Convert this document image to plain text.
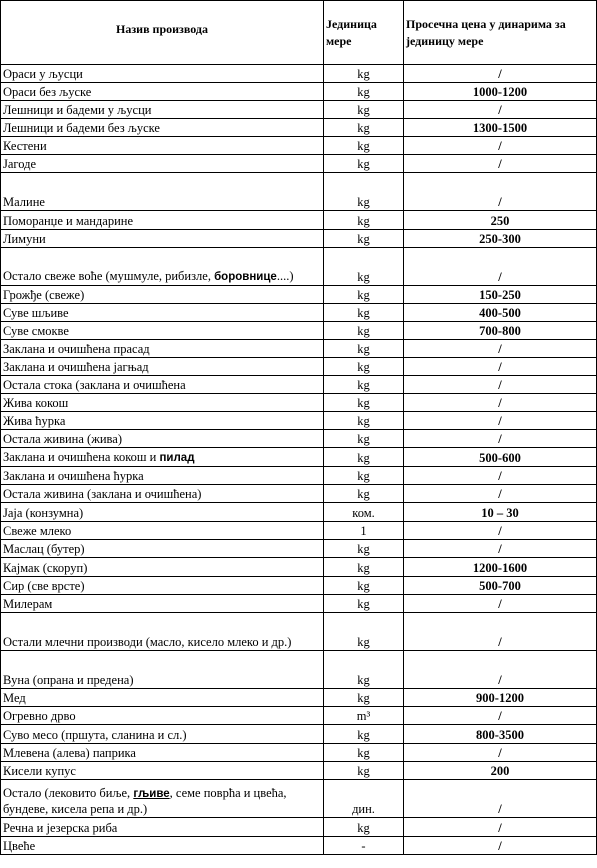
Назив производа	Јединица мере	Просечна цена у динарима за јединицу мере
Ораси у љусци	kg	/
Ораси без љуске	kg	1000-1200
Лешници и бадеми у љусци	kg	/
Лешници и бадеми без љуске	kg	1300-1500
Кестени	kg	/
Јагоде	kg	/
Малине	kg	/
Поморанџе и мандарине	kg	250
Лимуни	kg	250-300
Остало свеже воће (мушмуле, рибизле, боровнице....)	kg	/
Грожђе (свеже)	kg	150-250
Суве шљиве	kg	400-500
Суве смокве	kg	700-800
Заклана и очишћена прасад	kg	/
Заклана и очишћена јагњад	kg	/
Остала стока (заклана и очишћена	kg	/
Жива кокош	kg	/
Жива ћурка	kg	/
Остала живина (жива)	kg	/
Заклана и очишћена кокош и пилад	kg	500-600
Заклана и очишћена ћурка	kg	/
Остала живина (заклана и очишћена)	kg	/
Јаја (конзумна)	ком.	10 – 30
Свеже млеко	1	/
Маслац (бутер)	kg	/
Кајмак (скоруп)	kg	1200-1600
Сир (све врсте)	kg	500-700
Милерам	kg	/
Остали млечни производи (масло, кисело млеко и др.)	kg	/
Вуна (опрана и предена)	kg	/
Мед	kg	900-1200
Огревно дрво	m³	/
Суво месо (пршута, сланина и сл.)	kg	800-3500
Млевена (алева) паприка	kg	/
Кисели купус	kg	200
Остало (лековито биље, гљиве, семе поврћа и цвећа, бундеве, кисела репа и др.)	дин.	/
Речна и језерска риба	kg	/
Цвеће	-	/
